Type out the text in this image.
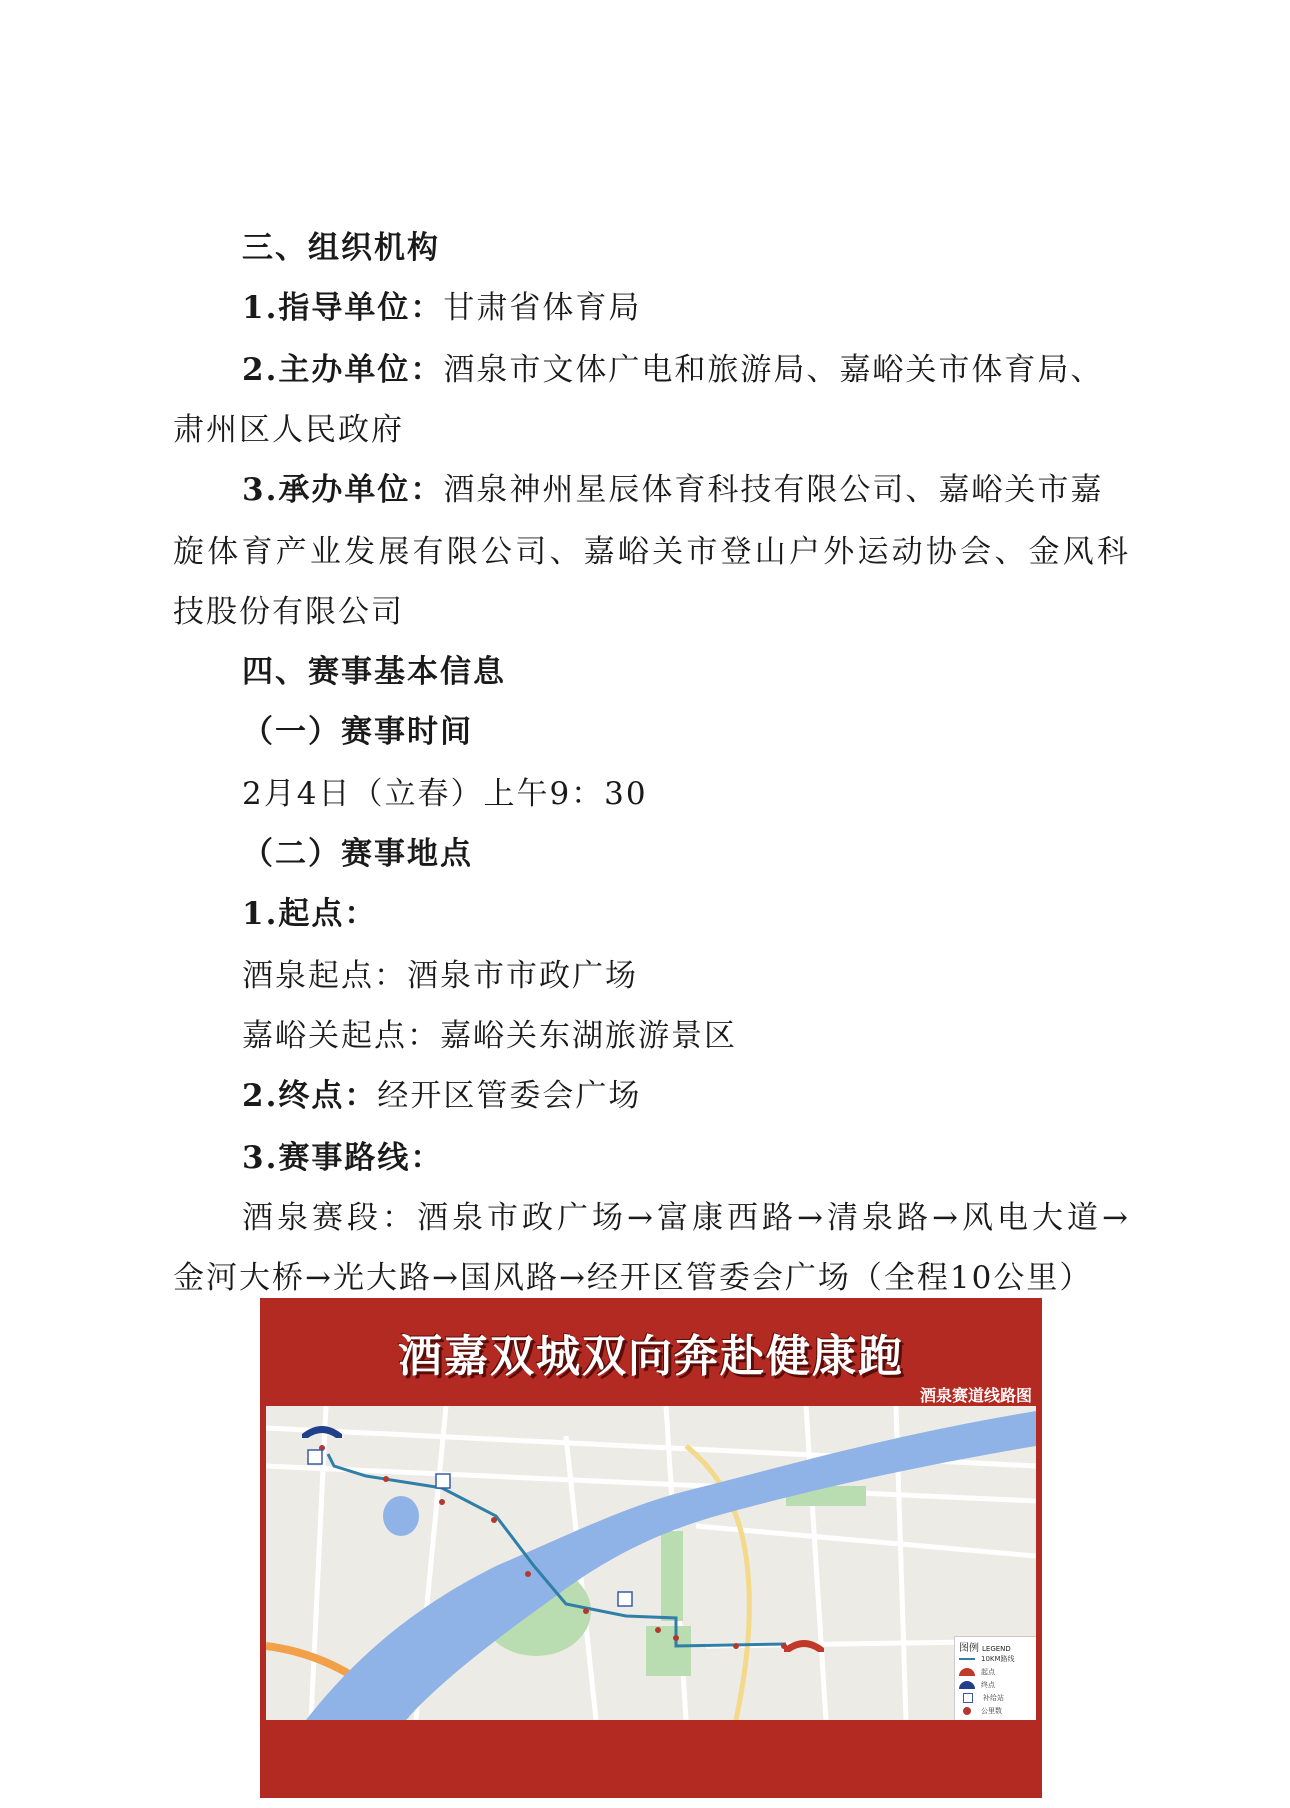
三、组织机构
1.指导单位：甘肃省体育局
2.主办单位：酒泉市文体广电和旅游局、嘉峪关市体育局、
肃州区人民政府
3.承办单位：酒泉神州星辰体育科技有限公司、嘉峪关市嘉
旋体育产业发展有限公司、嘉峪关市登山户外运动协会、金风科
技股份有限公司
四、赛事基本信息
（一）赛事时间
2月4日（立春）上午9：30
（二）赛事地点
1.起点：
酒泉起点：酒泉市市政广场
嘉峪关起点：嘉峪关东湖旅游景区
2.终点：经开区管委会广场
3.赛事路线：
酒泉赛段：酒泉市政广场→富康西路→清泉路→风电大道→
金河大桥→光大路→国风路→经开区管委会广场（全程10公里）
酒嘉双城双向奔赴健康跑
酒泉赛道线路图
图例 LEGEND
10KM路线
起点
终点
补给站
公里数
